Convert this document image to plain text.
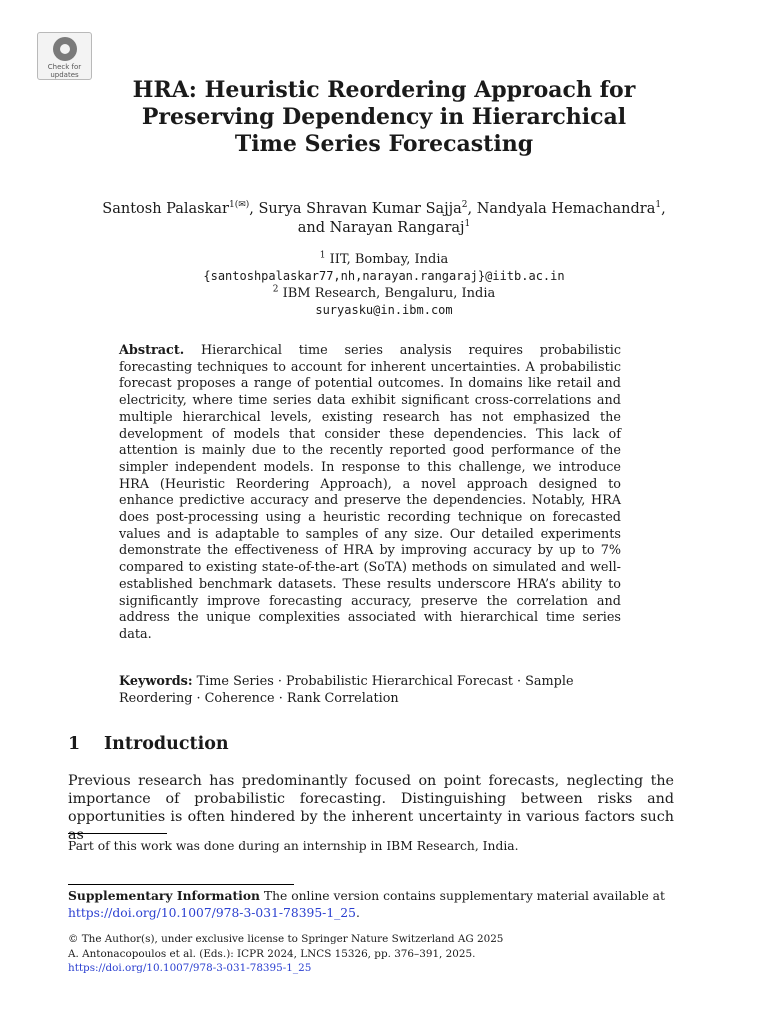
Check for
updates
HRA: Heuristic Reordering Approach for
Preserving Dependency in Hierarchical
Time Series Forecasting
Santosh Palaskar$^{1(✉)}$, Surya Shravan Kumar Sajja$^2$, Nandyala Hemachandra$^1$,
and Narayan Rangaraj$^1$
$^1$ IIT, Bombay, India
{santoshpalaskar77,nh,narayan.rangaraj}@iitb.ac.in
$^2$ IBM Research, Bengaluru, India
suryasku@in.ibm.com
Abstract. Hierarchical time series analysis requires probabilistic forecasting techniques to account for inherent uncertainties. A probabilistic forecast proposes a range of potential outcomes. In domains like retail and electricity, where time series data exhibit significant cross-correlations and multiple hierarchical levels, existing research has not emphasized the development of models that consider these dependencies. This lack of attention is mainly due to the recently reported good performance of the simpler independent models. In response to this challenge, we introduce HRA (Heuristic Reordering Approach), a novel approach designed to enhance predictive accuracy and preserve the dependencies. Notably, HRA does post-processing using a heuristic recording technique on forecasted values and is adaptable to samples of any size. Our detailed experiments demonstrate the effectiveness of HRA by improving accuracy by up to 7% compared to existing state-of-the-art (SoTA) methods on simulated and well-established benchmark datasets. These results underscore HRA’s ability to significantly improve forecasting accuracy, preserve the correlation and address the unique complexities associated with hierarchical time series data.
Keywords: Time Series · Probabilistic Hierarchical Forecast · Sample Reordering · Coherence · Rank Correlation
1 Introduction
Previous research has predominantly focused on point forecasts, neglecting the importance of probabilistic forecasting. Distinguishing between risks and opportunities is often hindered by the inherent uncertainty in various factors such as
Part of this work was done during an internship in IBM Research, India.
Supplementary Information The online version contains supplementary material available at https://doi.org/10.1007/978-3-031-78395-1_25.
© The Author(s), under exclusive license to Springer Nature Switzerland AG 2025
A. Antonacopoulos et al. (Eds.): ICPR 2024, LNCS 15326, pp. 376–391, 2025.
https://doi.org/10.1007/978-3-031-78395-1_25
